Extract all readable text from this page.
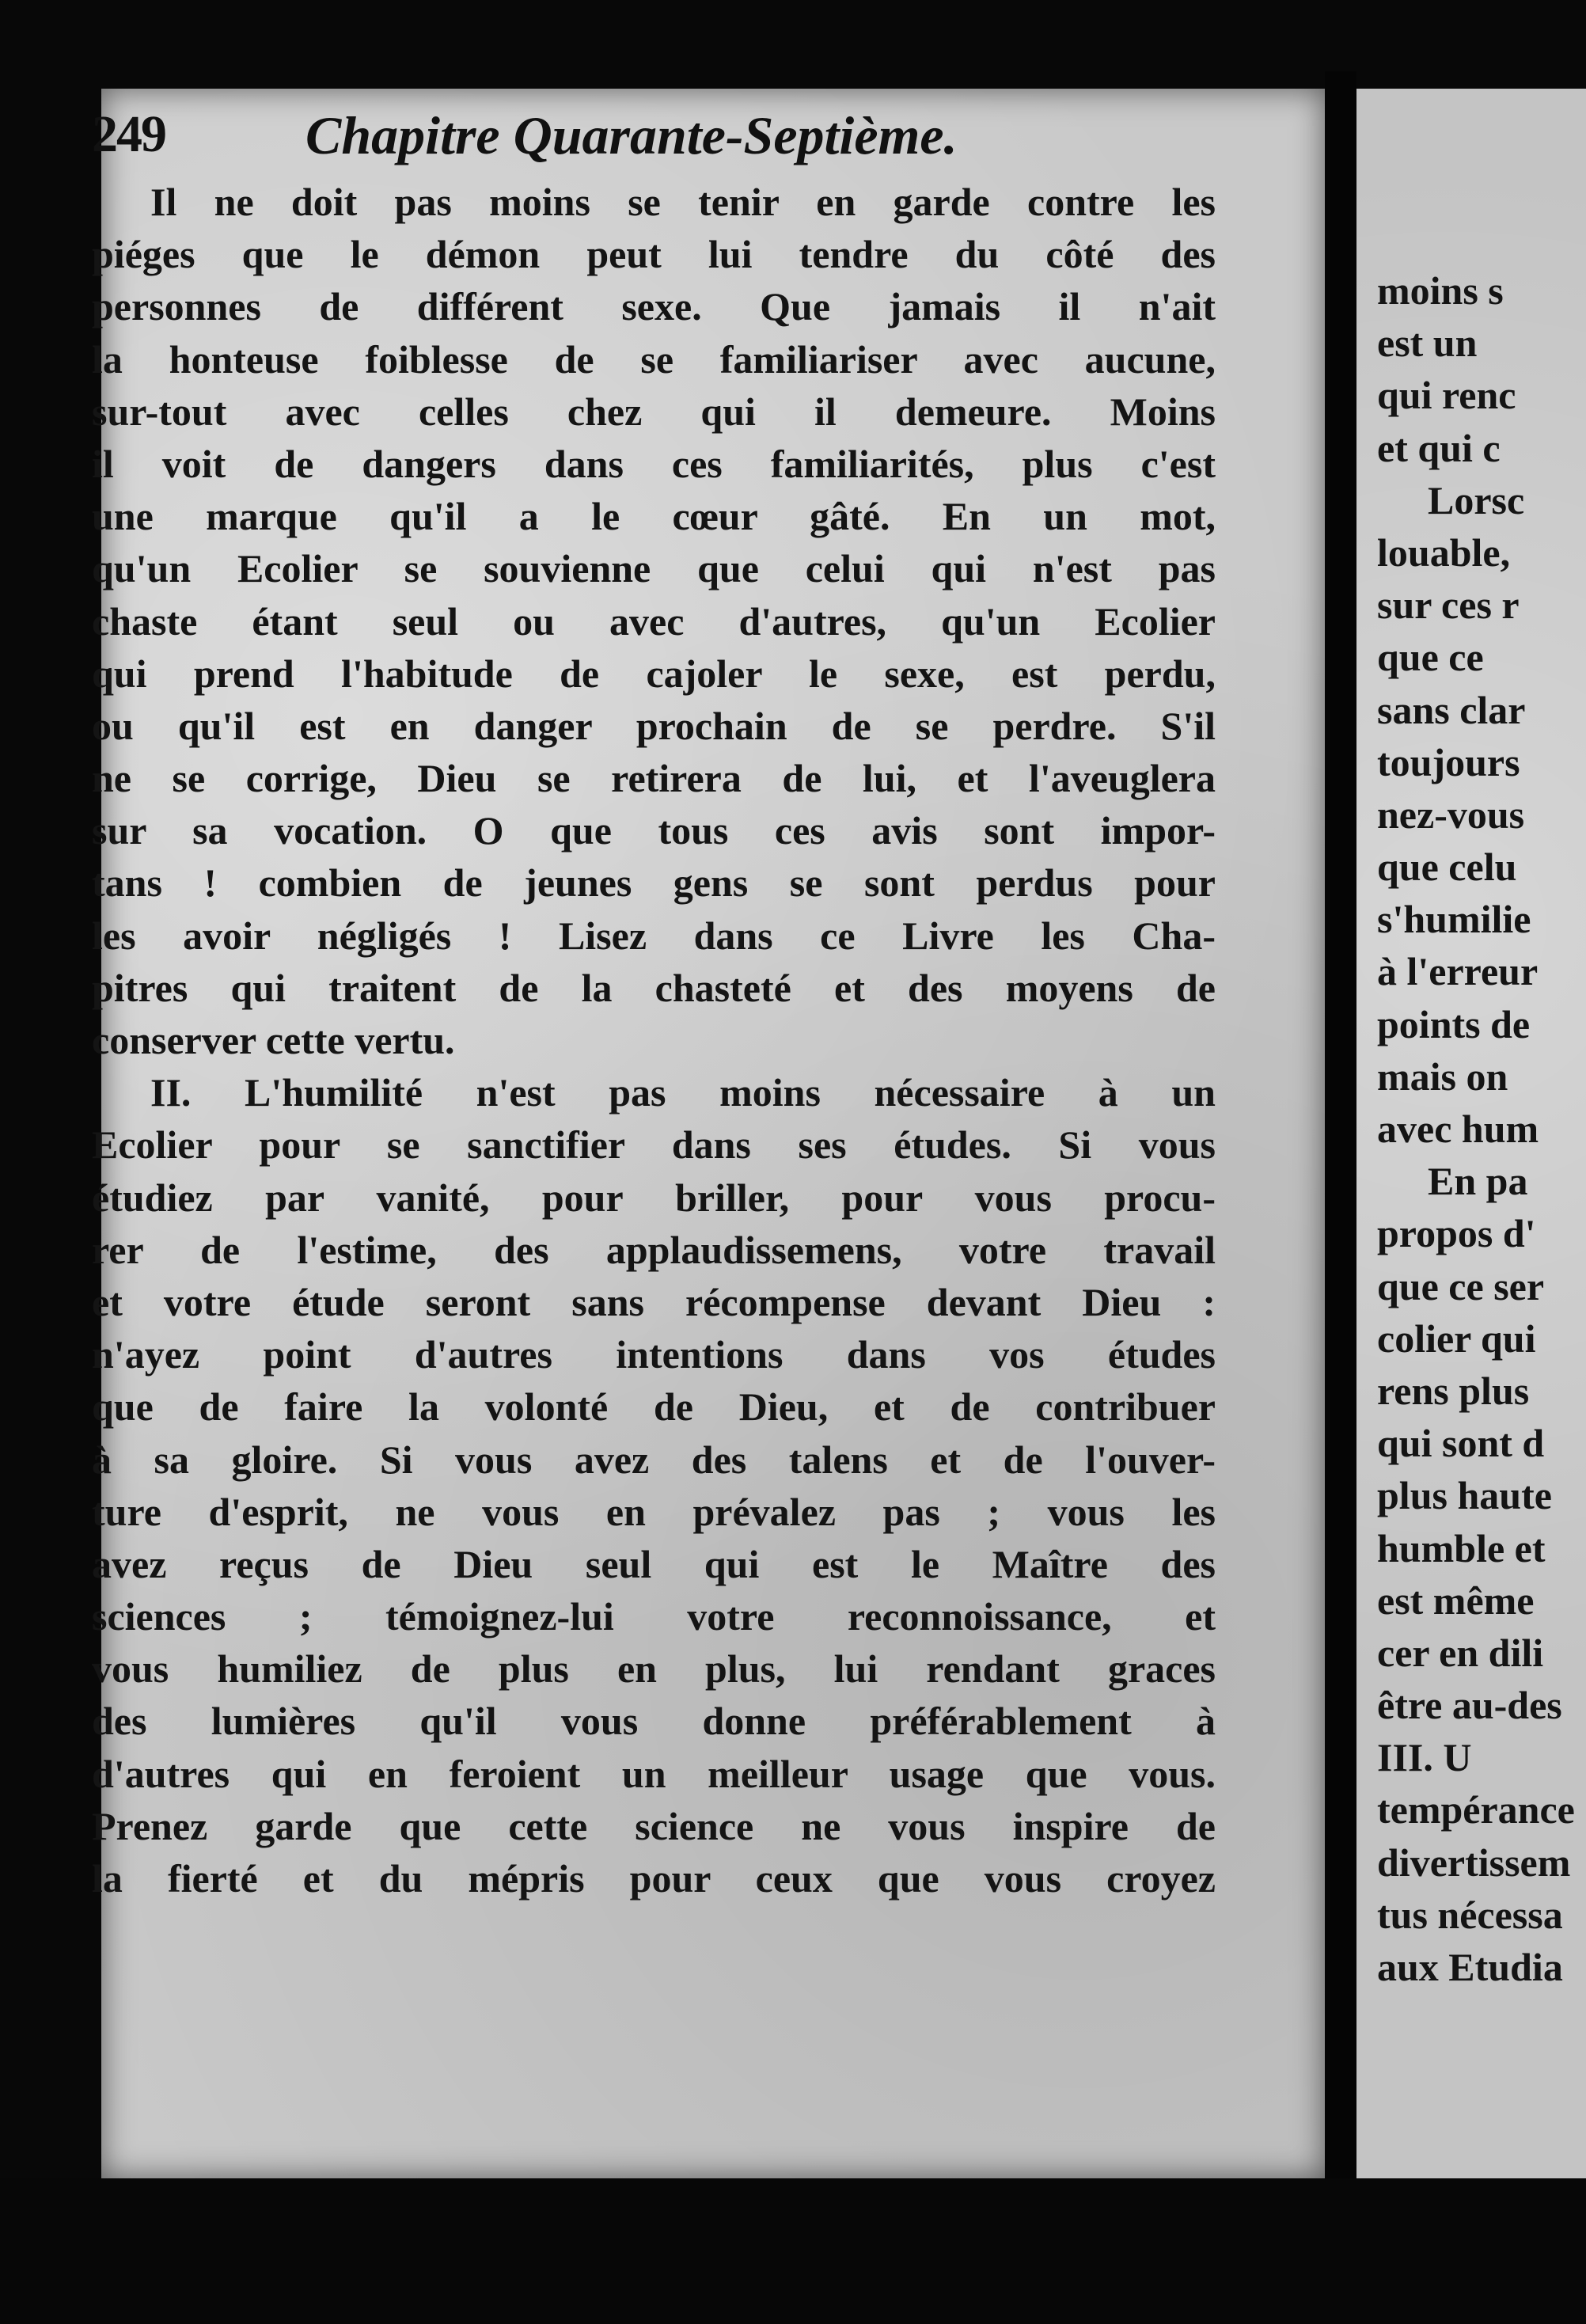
moins s
est un
qui renc
et qui c
Lorsc
louable,
sur ces r
que ce
sans clar
toujours
nez-vous
que celu
s'humilie
à l'erreur
points de
mais on
avec hum
En pa
propos d'
que ce ser
colier qui
rens plus
qui sont d
plus haute
humble et
est même
cer en dili
être au-des
III. U
tempérance
divertissem
tus nécessa
aux Etudia
249	Chapitre Quarante-Septième.
Il ne doit pas moins se tenir en garde contre les
piéges que le démon peut lui tendre du côté des
personnes de différent sexe. Que jamais il n'ait
la honteuse foiblesse de se familiariser avec aucune,
sur-tout avec celles chez qui il demeure. Moins
il voit de dangers dans ces familiarités, plus c'est
une marque qu'il a le cœur gâté. En un mot,
qu'un Ecolier se souvienne que celui qui n'est pas
chaste étant seul ou avec d'autres, qu'un Ecolier
qui prend l'habitude de cajoler le sexe, est perdu,
ou qu'il est en danger prochain de se perdre. S'il
ne se corrige, Dieu se retirera de lui, et l'aveuglera
sur sa vocation. O que tous ces avis sont impor-
tans ! combien de jeunes gens se sont perdus pour
les avoir négligés ! Lisez dans ce Livre les Cha-
pitres qui traitent de la chasteté et des moyens de
conserver cette vertu.
II. L'humilité n'est pas moins nécessaire à un
Ecolier pour se sanctifier dans ses études. Si vous
étudiez par vanité, pour briller, pour vous procu-
rer de l'estime, des applaudissemens, votre travail
et votre étude seront sans récompense devant Dieu :
n'ayez point d'autres intentions dans vos études
que de faire la volonté de Dieu, et de contribuer
à sa gloire. Si vous avez des talens et de l'ouver-
ture d'esprit, ne vous en prévalez pas ; vous les
avez reçus de Dieu seul qui est le Maître des
sciences ; témoignez-lui votre reconnoissance, et
vous humiliez de plus en plus, lui rendant graces
des lumières qu'il vous donne préférablement à
d'autres qui en feroient un meilleur usage que vous.
Prenez garde que cette science ne vous inspire de
la fierté et du mépris pour ceux que vous croyez
